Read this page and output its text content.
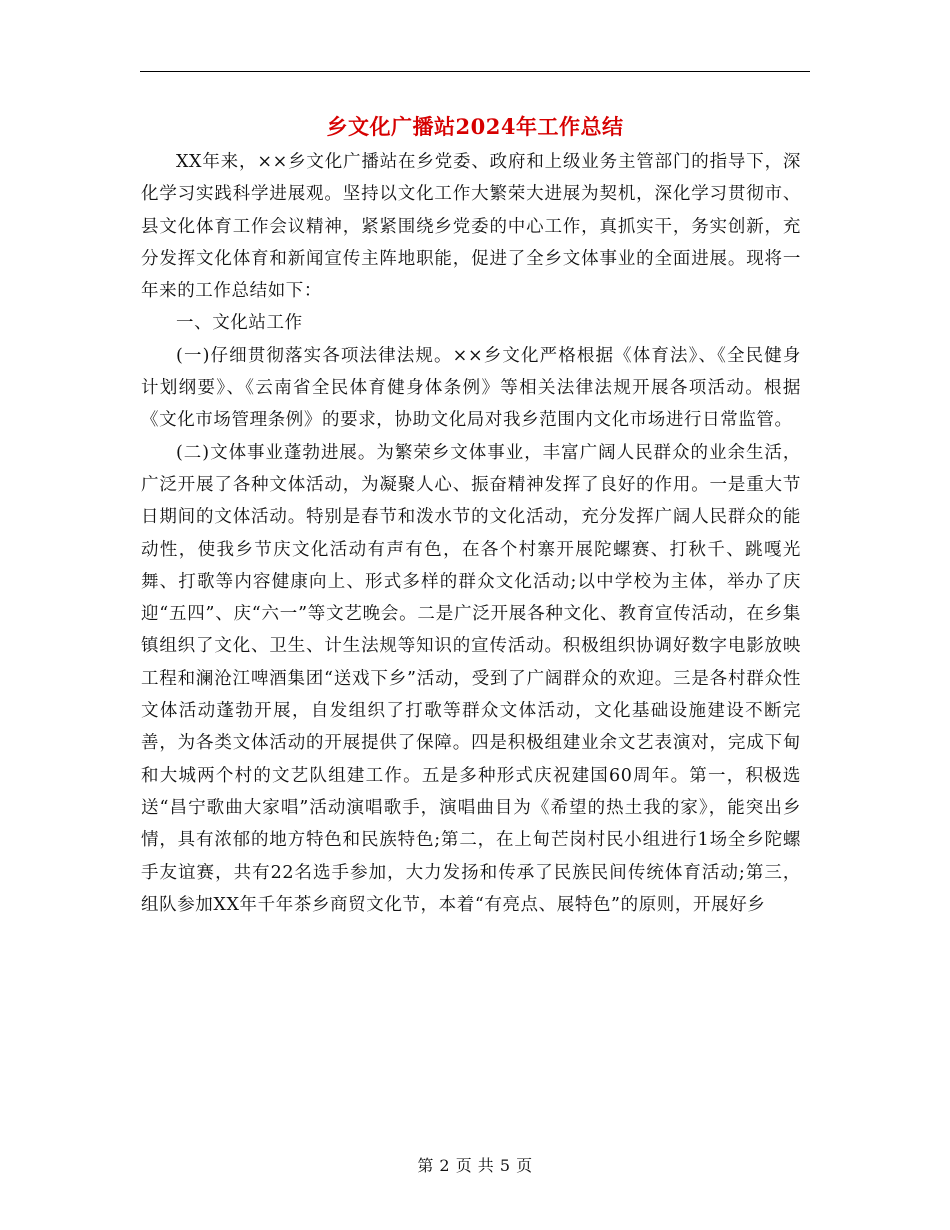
乡文化广播站2024年工作总结

XX年来，××乡文化广播站在乡党委、政府和上级业务主管部门的指导下，深化学习实践科学进展观。坚持以文化工作大繁荣大进展为契机，深化学习贯彻市、县文化体育工作会议精神，紧紧围绕乡党委的中心工作，真抓实干，务实创新，充分发挥文化体育和新闻宣传主阵地职能，促进了全乡文体事业的全面进展。现将一年来的工作总结如下：

一、文化站工作

(一)仔细贯彻落实各项法律法规。××乡文化严格根据《体育法》、《全民健身计划纲要》、《云南省全民体育健身体条例》等相关法律法规开展各项活动。根据《文化市场管理条例》的要求，协助文化局对我乡范围内文化市场进行日常监管。

(二)文体事业蓬勃进展。为繁荣乡文体事业，丰富广阔人民群众的业余生活，广泛开展了各种文体活动，为凝聚人心、振奋精神发挥了良好的作用。一是重大节日期间的文体活动。特别是春节和泼水节的文化活动，充分发挥广阔人民群众的能动性，使我乡节庆文化活动有声有色，在各个村寨开展陀螺赛、打秋千、跳嘎光舞、打歌等内容健康向上、形式多样的群众文化活动;以中学校为主体，举办了庆迎“五四”、庆“六一”等文艺晚会。二是广泛开展各种文化、教育宣传活动，在乡集镇组织了文化、卫生、计生法规等知识的宣传活动。积极组织协调好数字电影放映工程和澜沧江啤酒集团“送戏下乡”活动，受到了广阔群众的欢迎。三是各村群众性文体活动蓬勃开展，自发组织了打歌等群众文体活动，文化基础设施建设不断完善，为各类文体活动的开展提供了保障。四是积极组建业余文艺表演对，完成下甸和大城两个村的文艺队组建工作。五是多种形式庆祝建国60周年。第一，积极选送“昌宁歌曲大家唱”活动演唱歌手，演唱曲目为《希望的热土我的家》，能突出乡情，具有浓郁的地方特色和民族特色;第二，在上甸芒岗村民小组进行1场全乡陀螺手友谊赛，共有22名选手参加，大力发扬和传承了民族民间传统体育活动;第三，组队参加XX年千年茶乡商贸文化节，本着“有亮点、展特色”的原则，开展好乡

第 2 页 共 5 页
